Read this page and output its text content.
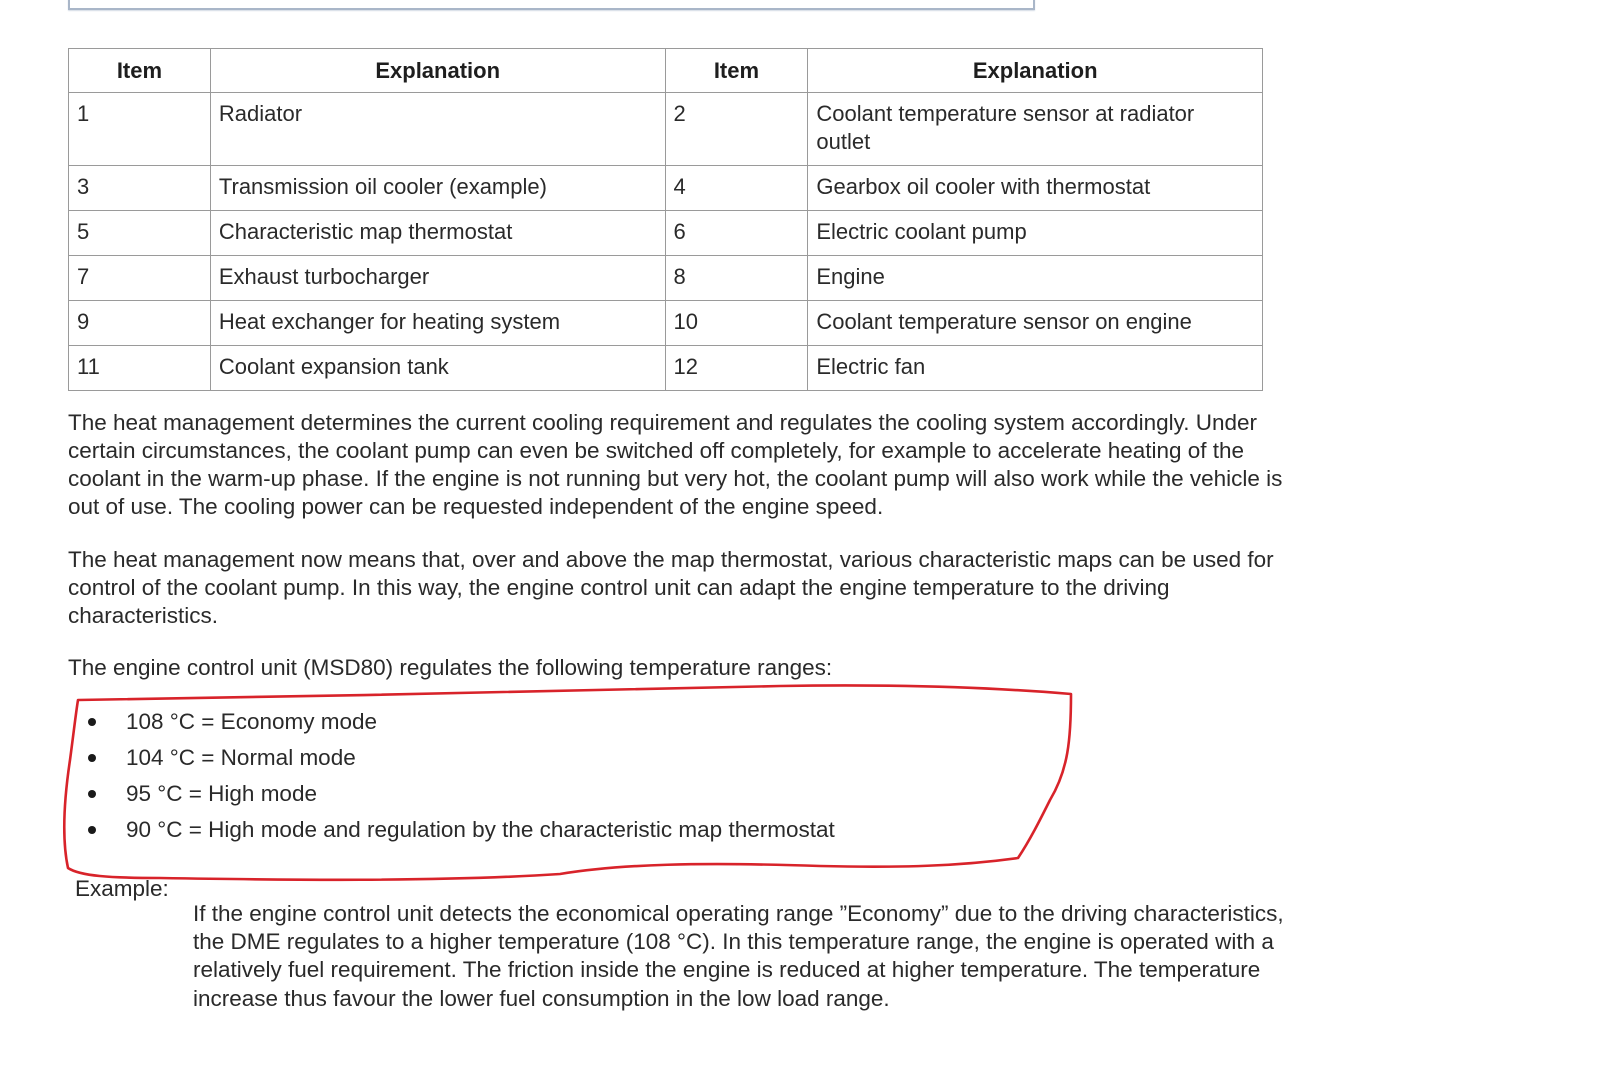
Item	Explanation	Item	Explanation
1	Radiator	2	Coolant temperature sensor at radiator outlet
3	Transmission oil cooler (example)	4	Gearbox oil cooler with thermostat
5	Characteristic map thermostat	6	Electric coolant pump
7	Exhaust turbocharger	8	Engine
9	Heat exchanger for heating system	10	Coolant temperature sensor on engine
11	Coolant expansion tank	12	Electric fan

The heat management determines the current cooling requirement and regulates the cooling system accordingly. Under certain circumstances, the coolant pump can even be switched off completely, for example to accelerate heating of the coolant in the warm-up phase. If the engine is not running but very hot, the coolant pump will also work while the vehicle is out of use. The cooling power can be requested independent of the engine speed.

The heat management now means that, over and above the map thermostat, various characteristic maps can be used for control of the coolant pump. In this way, the engine control unit can adapt the engine temperature to the driving characteristics.

The engine control unit (MSD80) regulates the following temperature ranges:

108 °C = Economy mode
104 °C = Normal mode
95 °C = High mode
90 °C = High mode and regulation by the characteristic map thermostat
Example:

If the engine control unit detects the economical operating range ”Economy” due to the driving characteristics, the DME regulates to a higher temperature (108 °C). In this temperature range, the engine is operated with a relatively fuel requirement. The friction inside the engine is reduced at higher temperature. The temperature increase thus favour the lower fuel consumption in the low load range.
